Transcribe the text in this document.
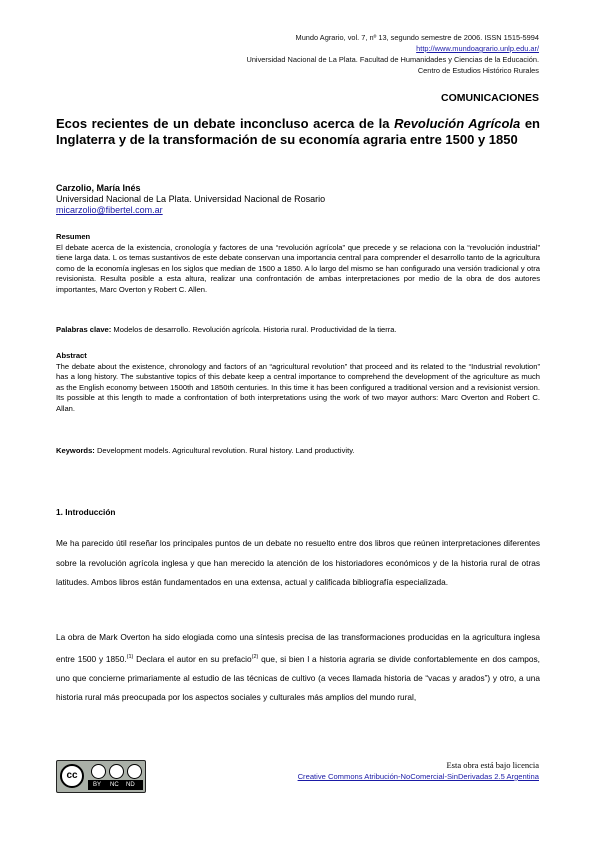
Mundo Agrario, vol. 7, nº 13, segundo semestre de 2006. ISSN 1515-5994
http://www.mundoagrario.unlp.edu.ar/
Universidad Nacional de La Plata. Facultad de Humanidades y Ciencias de la Educación.
Centro de Estudios Histórico Rurales
COMUNICACIONES
Ecos recientes de un debate inconcluso acerca de la Revolución Agrícola en Inglaterra y de la transformación de su economía agraria entre 1500 y 1850
Carzolio, María Inés
Universidad Nacional de La Plata. Universidad Nacional de Rosario
micarzolio@fibertel.com.ar
Resumen
El debate acerca de la existencia, cronología y factores de una “revolución agrícola” que precede y se relaciona con la “revolución industrial” tiene larga data. L os temas sustantivos de este debate conservan una importancia central para comprender el desarrollo tanto de la agricultura como de la economía inglesas en los siglos que median de 1500 a 1850. A lo largo del mismo se han configurado una versión tradicional y otra revisionista. Resulta posible a esta altura, realizar una confrontación de ambas interpretaciones por medio de la obra de dos autores importantes, Marc Overton y Robert C. Allen.
Palabras clave: Modelos de desarrollo. Revolución agrícola. Historia rural. Productividad de la tierra.
Abstract
The debate about the existence, chronology and factors of an “agricultural revolution” that proceed and its related to the “Industrial revolution” has a long history. The substantive topics of this debate keep a central importance to comprehend the development of the agriculture as much as the English economy between 1500th and 1850th centuries. In this time it has been configured a traditional version and a revisionist version. Its possible at this length to made a confrontation of both interpretations using the work of two mayor authors: Marc Overton and Robert C. Allan.
Keywords: Development models. Agricultural revolution. Rural history. Land productivity.
1. Introducción
Me ha parecido útil reseñar los principales puntos de un debate no resuelto entre dos libros que reúnen interpretaciones diferentes sobre la revolución agrícola inglesa y que han merecido la atención de los historiadores económicos y de la historia rural de otras latitudes. Ambos libros están fundamentados en una extensa, actual y calificada bibliografía especializada.
La obra de Mark Overton ha sido elogiada como una síntesis precisa de las transformaciones producidas en la agricultura inglesa entre 1500 y 1850.$^{(1)}$ Declara el autor en su prefacio$^{(2)}$ que, si bien l a historia agraria se divide confortablemente en dos campos, uno que concierne primariamente al estudio de las técnicas de cultivo (a veces llamada historia de “vacas y arados”) y otro, a una historia rural más preocupada por los aspectos sociales y culturales más amplios del mundo rural,
cc
BY NC ND
Esta obra está bajo licencia
Creative Commons Atribución-NoComercial-SinDerivadas 2.5 Argentina
